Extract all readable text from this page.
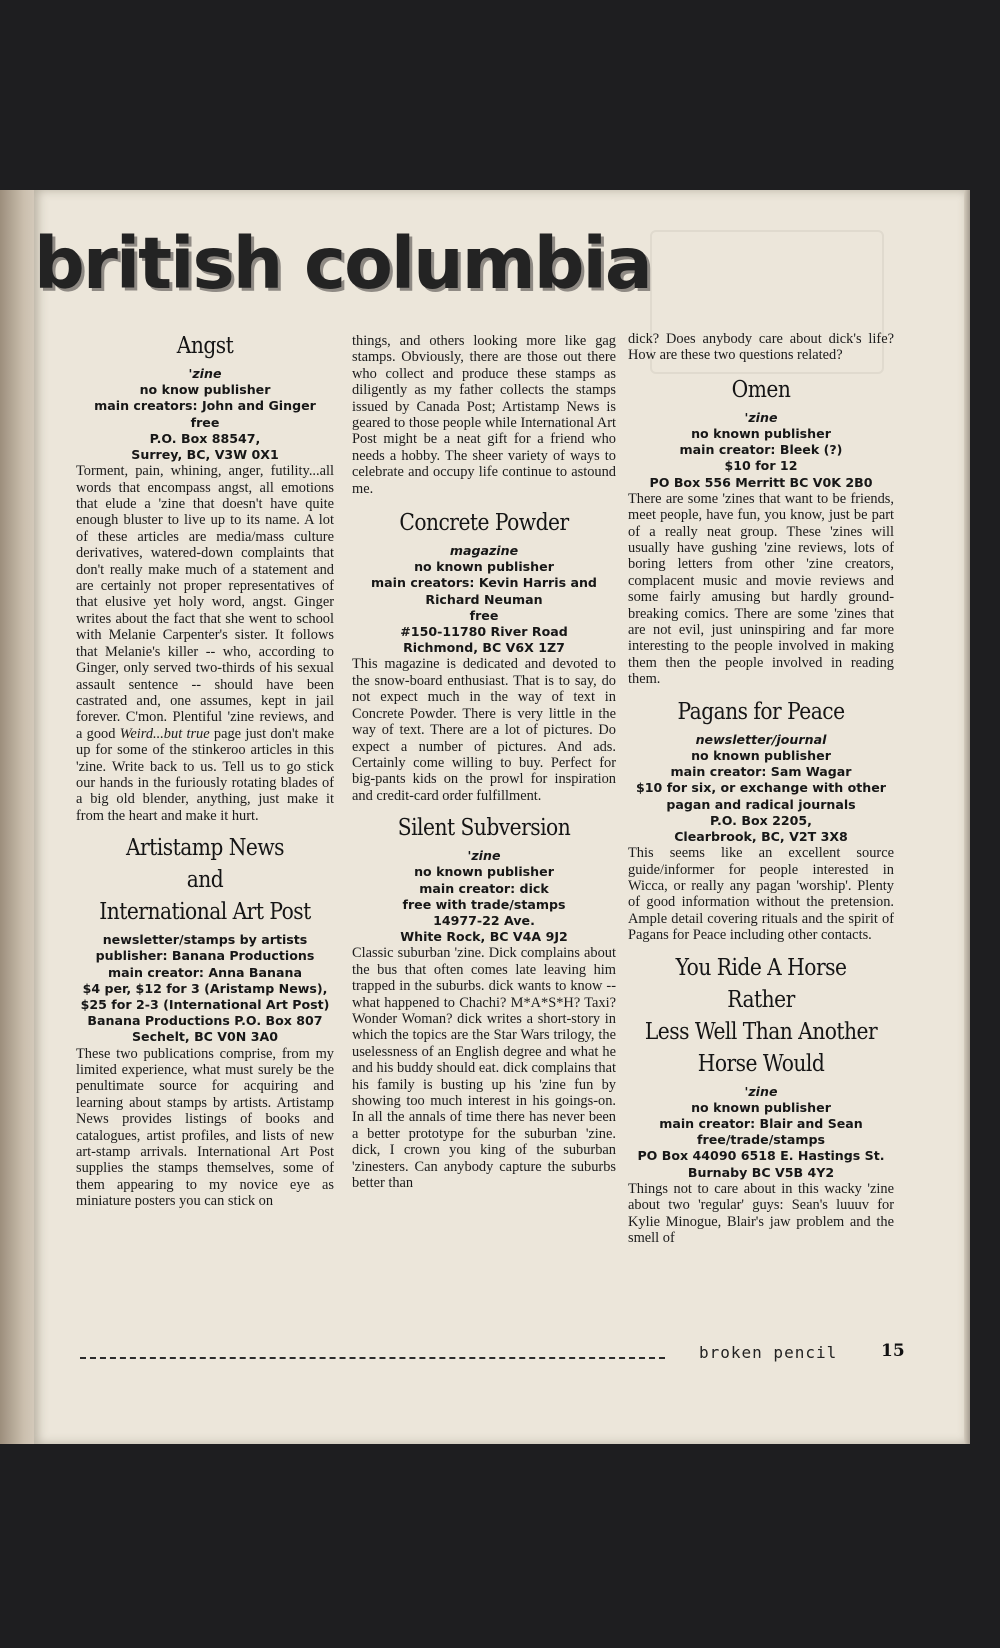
british columbia
Angst
'zine
no know publisher
main creators: John and Ginger
free
P.O. Box 88547,
Surrey, BC, V3W 0X1

Torment, pain, whining, anger, futility...all words that encompass angst, all emotions that elude a 'zine that doesn't have quite enough bluster to live up to its name. A lot of these articles are media/mass culture derivatives, watered-down complaints that don't really make much of a statement and are certainly not proper representatives of that elusive yet holy word, angst. Ginger writes about the fact that she went to school with Melanie Carpenter's sister. It follows that Melanie's killer -- who, according to Ginger, only served two-thirds of his sexual assault sentence -- should have been castrated and, one assumes, kept in jail forever. C'mon. Plentiful 'zine reviews, and a good Weird...but true page just don't make up for some of the stinkeroo articles in this 'zine. Write back to us. Tell us to go stick our hands in the furiously rotating blades of a big old blender, anything, just make it from the heart and make it hurt.

Artistamp News
and
International Art Post
newsletter/stamps by artists
publisher: Banana Productions
main creator: Anna Banana
$4 per, $12 for 3 (Aristamp News),
$25 for 2-3 (International Art Post)
Banana Productions P.O. Box 807
Sechelt, BC V0N 3A0

These two publications comprise, from my limited experience, what must surely be the penultimate source for acquiring and learning about stamps by artists. Artistamp News provides listings of books and catalogues, artist profiles, and lists of new art-stamp arrivals. International Art Post supplies the stamps themselves, some of them appearing to my novice eye as miniature posters you can stick on

things, and others looking more like gag stamps. Obviously, there are those out there who collect and produce these stamps as diligently as my father collects the stamps issued by Canada Post; Artistamp News is geared to those people while International Art Post might be a neat gift for a friend who needs a hobby. The sheer variety of ways to celebrate and occupy life continue to astound me.

Concrete Powder
magazine
no known publisher
main creators: Kevin Harris and
Richard Neuman
free
#150-11780 River Road
Richmond, BC V6X 1Z7

This magazine is dedicated and devoted to the snow-board enthusiast. That is to say, do not expect much in the way of text in Concrete Powder. There is very little in the way of text. There are a lot of pictures. Do expect a number of pictures. And ads. Certainly come willing to buy. Perfect for big-pants kids on the prowl for inspiration and credit-card order fulfillment.

Silent Subversion
'zine
no known publisher
main creator: dick
free with trade/stamps
14977-22 Ave.
White Rock, BC V4A 9J2

Classic suburban 'zine. Dick complains about the bus that often comes late leaving him trapped in the suburbs. dick wants to know -- what happened to Chachi? M*A*S*H? Taxi? Wonder Woman? dick writes a short-story in which the topics are the Star Wars trilogy, the uselessness of an English degree and what he and his buddy should eat. dick complains that his family is busting up his 'zine fun by showing too much interest in his goings-on. In all the annals of time there has never been a better prototype for the suburban 'zine. dick, I crown you king of the suburban 'zinesters. Can anybody capture the suburbs better than

dick? Does anybody care about dick's life? How are these two questions related?

Omen
'zine
no known publisher
main creator: Bleek (?)
$10 for 12
PO Box 556 Merritt BC V0K 2B0

There are some 'zines that want to be friends, meet people, have fun, you know, just be part of a really neat group. These 'zines will usually have gushing 'zine reviews, lots of boring letters from other 'zine creators, complacent music and movie reviews and some fairly amusing but hardly ground-breaking comics. There are some 'zines that are not evil, just uninspiring and far more interesting to the people involved in making them then the people involved in reading them.

Pagans for Peace
newsletter/journal
no known publisher
main creator: Sam Wagar
$10 for six, or exchange with other
pagan and radical journals
P.O. Box 2205,
Clearbrook, BC, V2T 3X8

This seems like an excellent source guide/informer for people interested in Wicca, or really any pagan 'worship'. Plenty of good information without the pretension. Ample detail covering rituals and the spirit of Pagans for Peace including other contacts.

You Ride A Horse Rather
Less Well Than Another
Horse Would
'zine
no known publisher
main creator: Blair and Sean
free/trade/stamps
PO Box 44090 6518 E. Hastings St.
Burnaby BC V5B 4Y2

Things not to care about in this wacky 'zine about two 'regular' guys: Sean's luuuv for Kylie Minogue, Blair's jaw problem and the smell of

broken pencil	15
